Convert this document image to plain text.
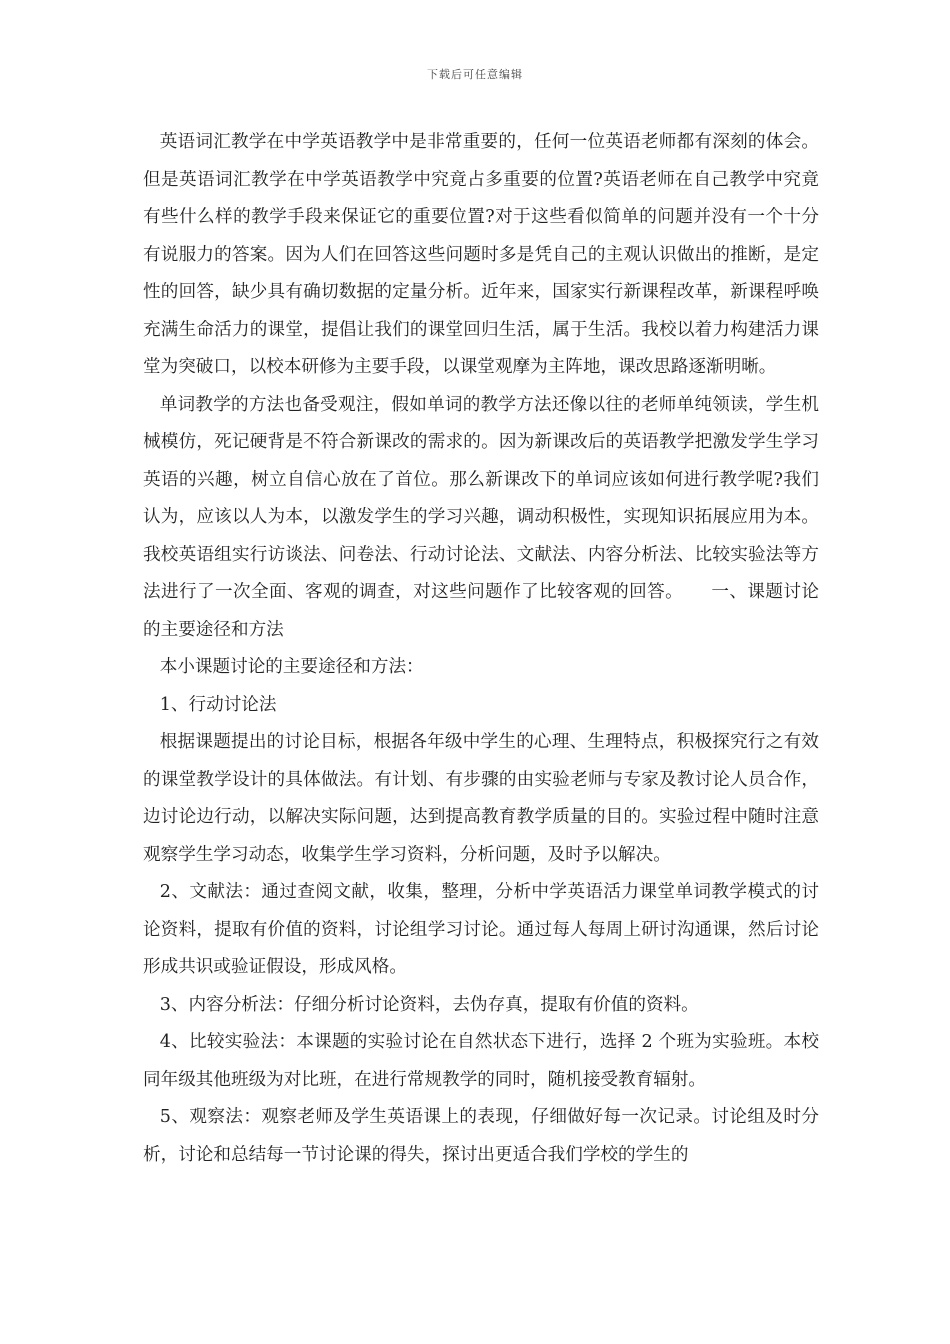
下载后可任意编辑

英语词汇教学在中学英语教学中是非常重要的，任何一位英语老师都有深刻的体会。但是英语词汇教学在中学英语教学中究竟占多重要的位置?英语老师在自己教学中究竟有些什么样的教学手段来保证它的重要位置?对于这些看似简单的问题并没有一个十分有说服力的答案。因为人们在回答这些问题时多是凭自己的主观认识做出的推断，是定性的回答，缺少具有确切数据的定量分析。近年来，国家实行新课程改革，新课程呼唤充满生命活力的课堂，提倡让我们的课堂回归生活，属于生活。我校以着力构建活力课堂为突破口，以校本研修为主要手段，以课堂观摩为主阵地，课改思路逐渐明晰。

单词教学的方法也备受观注，假如单词的教学方法还像以往的老师单纯领读，学生机械模仿，死记硬背是不符合新课改的需求的。因为新课改后的英语教学把激发学生学习英语的兴趣，树立自信心放在了首位。那么新课改下的单词应该如何进行教学呢?我们认为，应该以人为本，以激发学生的学习兴趣，调动积极性，实现知识拓展应用为本。我校英语组实行访谈法、问卷法、行动讨论法、文献法、内容分析法、比较实验法等方法进行了一次全面、客观的调查，对这些问题作了比较客观的回答。 一、课题讨论的主要途径和方法

本小课题讨论的主要途径和方法：

1、行动讨论法

根据课题提出的讨论目标，根据各年级中学生的心理、生理特点，积极探究行之有效的课堂教学设计的具体做法。有计划、有步骤的由实验老师与专家及教讨论人员合作，边讨论边行动，以解决实际问题，达到提高教育教学质量的目的。实验过程中随时注意观察学生学习动态，收集学生学习资料，分析问题，及时予以解决。

2、文献法：通过查阅文献，收集，整理，分析中学英语活力课堂单词教学模式的讨论资料，提取有价值的资料，讨论组学习讨论。通过每人每周上研讨沟通课，然后讨论形成共识或验证假设，形成风格。

3、内容分析法：仔细分析讨论资料，去伪存真，提取有价值的资料。

4、比较实验法：本课题的实验讨论在自然状态下进行，选择 2 个班为实验班。本校同年级其他班级为对比班，在进行常规教学的同时，随机接受教育辐射。

5、观察法：观察老师及学生英语课上的表现，仔细做好每一次记录。讨论组及时分析，讨论和总结每一节讨论课的得失，探讨出更适合我们学校的学生的
